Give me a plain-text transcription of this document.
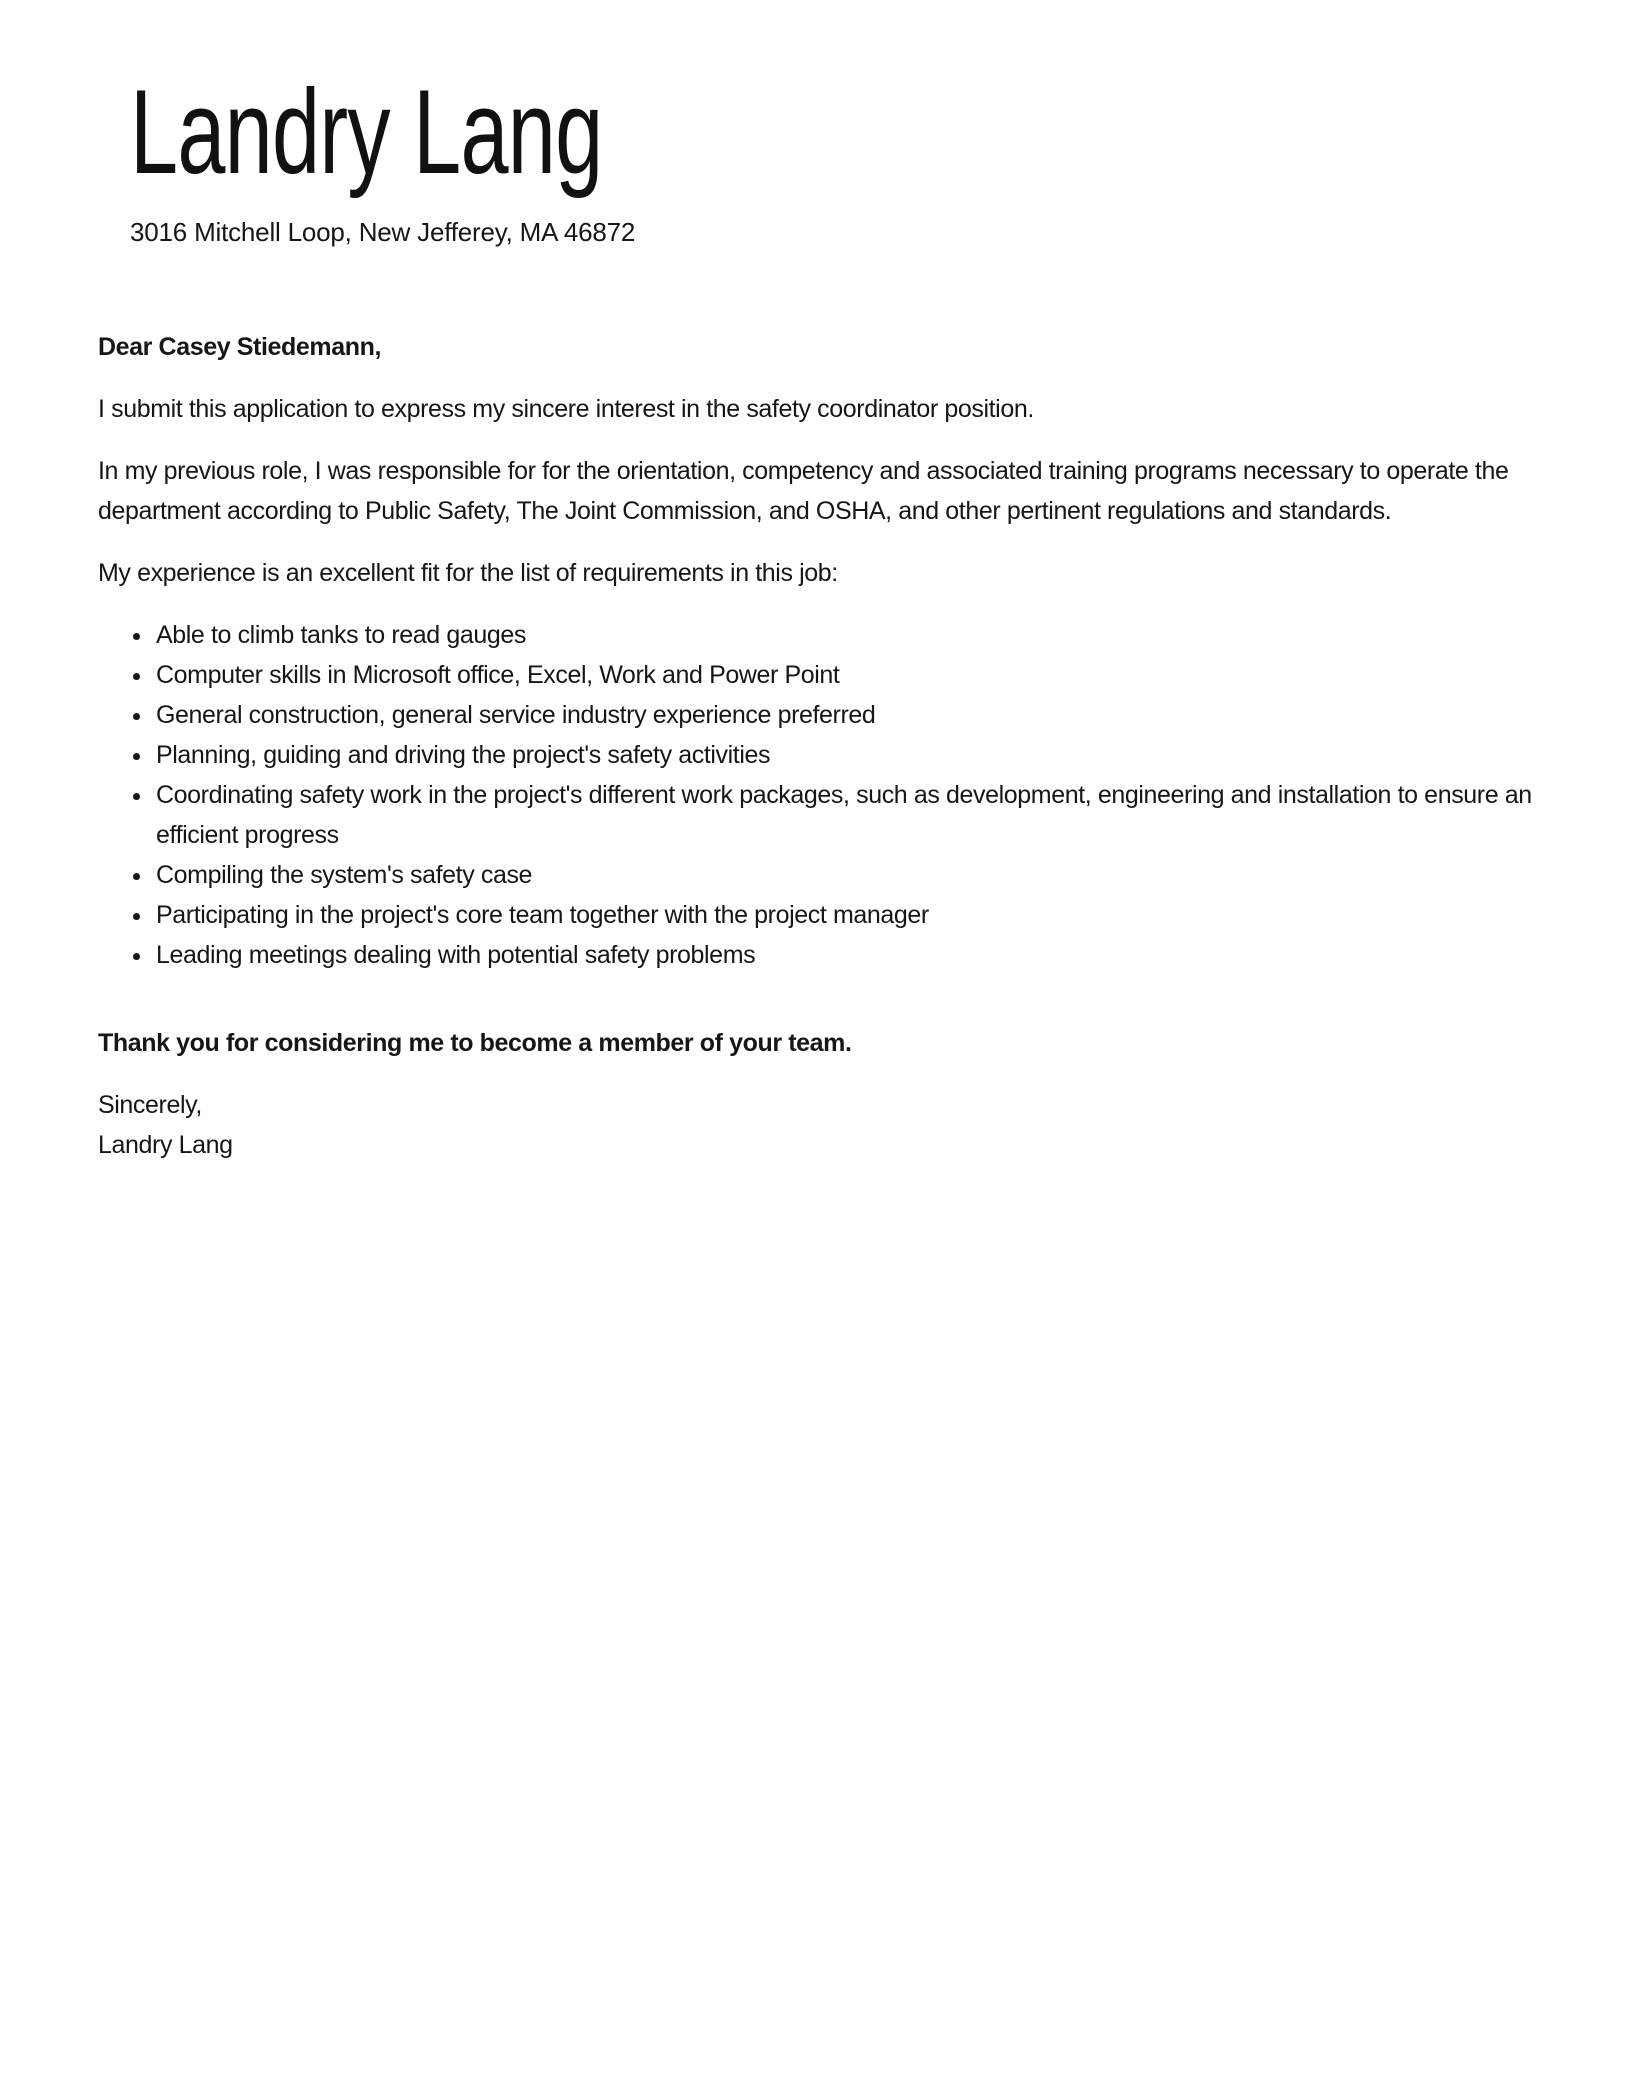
Landry Lang
3016 Mitchell Loop, New Jefferey, MA 46872

Dear Casey Stiedemann,

I submit this application to express my sincere interest in the safety coordinator position.

In my previous role, I was responsible for for the orientation, competency and associated training programs necessary to operate the department according to Public Safety, The Joint Commission, and OSHA, and other pertinent regulations and standards.

My experience is an excellent fit for the list of requirements in this job:

• Able to climb tanks to read gauges
• Computer skills in Microsoft office, Excel, Work and Power Point
• General construction, general service industry experience preferred
• Planning, guiding and driving the project's safety activities
• Coordinating safety work in the project's different work packages, such as development, engineering and installation to ensure an efficient progress
• Compiling the system's safety case
• Participating in the project's core team together with the project manager
• Leading meetings dealing with potential safety problems

Thank you for considering me to become a member of your team.

Sincerely,

Landry Lang
